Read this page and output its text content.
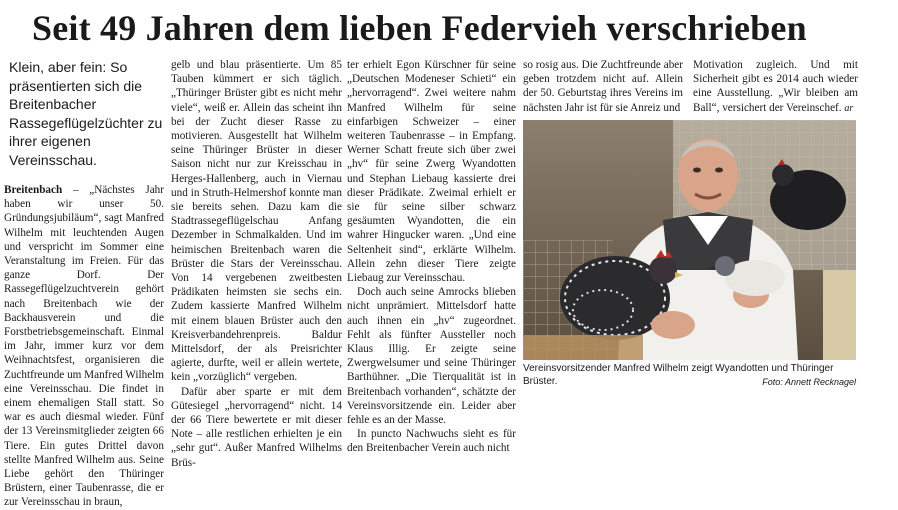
Seit 49 Jahren dem lieben Federvieh verschrieben

Klein, aber fein: So präsentierten sich die Breitenbacher Rassegeflügelzüchter zu ihrer eigenen Vereinsschau.

Breitenbach – „Nächstes Jahr haben wir unser 50. Gründungsjubiläum“, sagt Manfred Wilhelm mit leuchtenden Augen und verspricht im Sommer eine Veranstaltung im Freien. Für das ganze Dorf. Der Rassegeflügelzuchtverein gehört nach Breitenbach wie der Backhausverein und die Forstbetriebsgemeinschaft. Einmal im Jahr, immer kurz vor dem Weihnachtsfest, organisieren die Zuchtfreunde um Manfred Wilhelm eine Vereinsschau. Die findet in einem ehemaligen Stall statt. So war es auch diesmal wieder. Fünf der 13 Vereinsmitglieder zeigten 66 Tiere. Ein gutes Drittel davon stellte Manfred Wilhelm aus. Seine Liebe gehört den Thüringer Brüstern, einer Taubenrasse, die er zur Vereinsschau in braun,

gelb und blau präsentierte. Um 85 Tauben kümmert er sich täglich. „Thüringer Brüster gibt es nicht mehr viele“, weiß er. Allein das scheint ihn bei der Zucht dieser Rasse zu motivieren. Ausgestellt hat Wilhelm seine Thüringer Brüster in dieser Saison nicht nur zur Kreisschau in Herges-Hallenberg, auch in Viernau und in Struth-Helmershof konnte man sie bereits sehen. Dazu kam die Stadtrassegeflügelschau Anfang Dezember in Schmalkalden. Und im heimischen Breitenbach waren die Brüster die Stars der Vereinsschau. Von 14 vergebenen zweitbesten Prädikaten heimsten sie sechs ein. Zudem kassierte Manfred Wilhelm mit einem blauen Brüster auch den Kreisverbandehrenpreis. Baldur Mittelsdorf, der als Preisrichter agierte, durfte, weil er allein wertete, kein „vorzüglich“ vergeben.

Dafür aber sparte er mit dem Gütesiegel „hervorragend“ nicht. 14 der 66 Tiere bewertete er mit dieser Note – alle restlichen erhielten je ein „sehr gut“. Außer Manfred Wilhelms Brüs-

ter erhielt Egon Kürschner für seine „Deutschen Modeneser Schieti“ ein „hervorragend“. Zwei weitere nahm Manfred Wilhelm für seine einfarbigen Schweizer – einer weiteren Taubenrasse – in Empfang. Werner Schatt freute sich über zwei „hv“ für seine Zwerg Wyandotten und Stephan Liebaug kassierte drei dieser Prädikate. Zweimal erhielt er sie für seine silber schwarz gesäumten Wyandotten, die ein wahrer Hingucker waren. „Und eine Seltenheit sind“, erklärte Wilhelm. Allein zehn dieser Tiere zeigte Liebaug zur Vereinsschau.

Doch auch seine Amrocks blieben nicht unprämiert. Mittelsdorf hatte auch ihnen ein „hv“ zugeordnet. Fehlt als fünfter Aussteller noch Klaus Illig. Er zeigte seine Zwergwelsumer und seine Thüringer Barthühner. „Die Tierqualität ist in Breitenbach vorhanden“, schätzte der Vereinsvorsitzende ein. Leider aber fehle es an der Masse.

In puncto Nachwuchs sieht es für den Breitenbacher Verein auch nicht

so rosig aus. Die Zuchtfreunde aber geben trotzdem nicht auf. Allein der 50. Geburtstag ihres Vereins im nächsten Jahr ist für sie Anreiz und

Motivation zugleich. Und mit Sicherheit gibt es 2014 auch wieder eine Ausstellung. „Wir bleiben am Ball“, versichert der Vereinschef. ar

Vereinsvorsitzender Manfred Wilhelm zeigt Wyandotten und Thüringer Brüster.	Foto: Annett Recknagel
